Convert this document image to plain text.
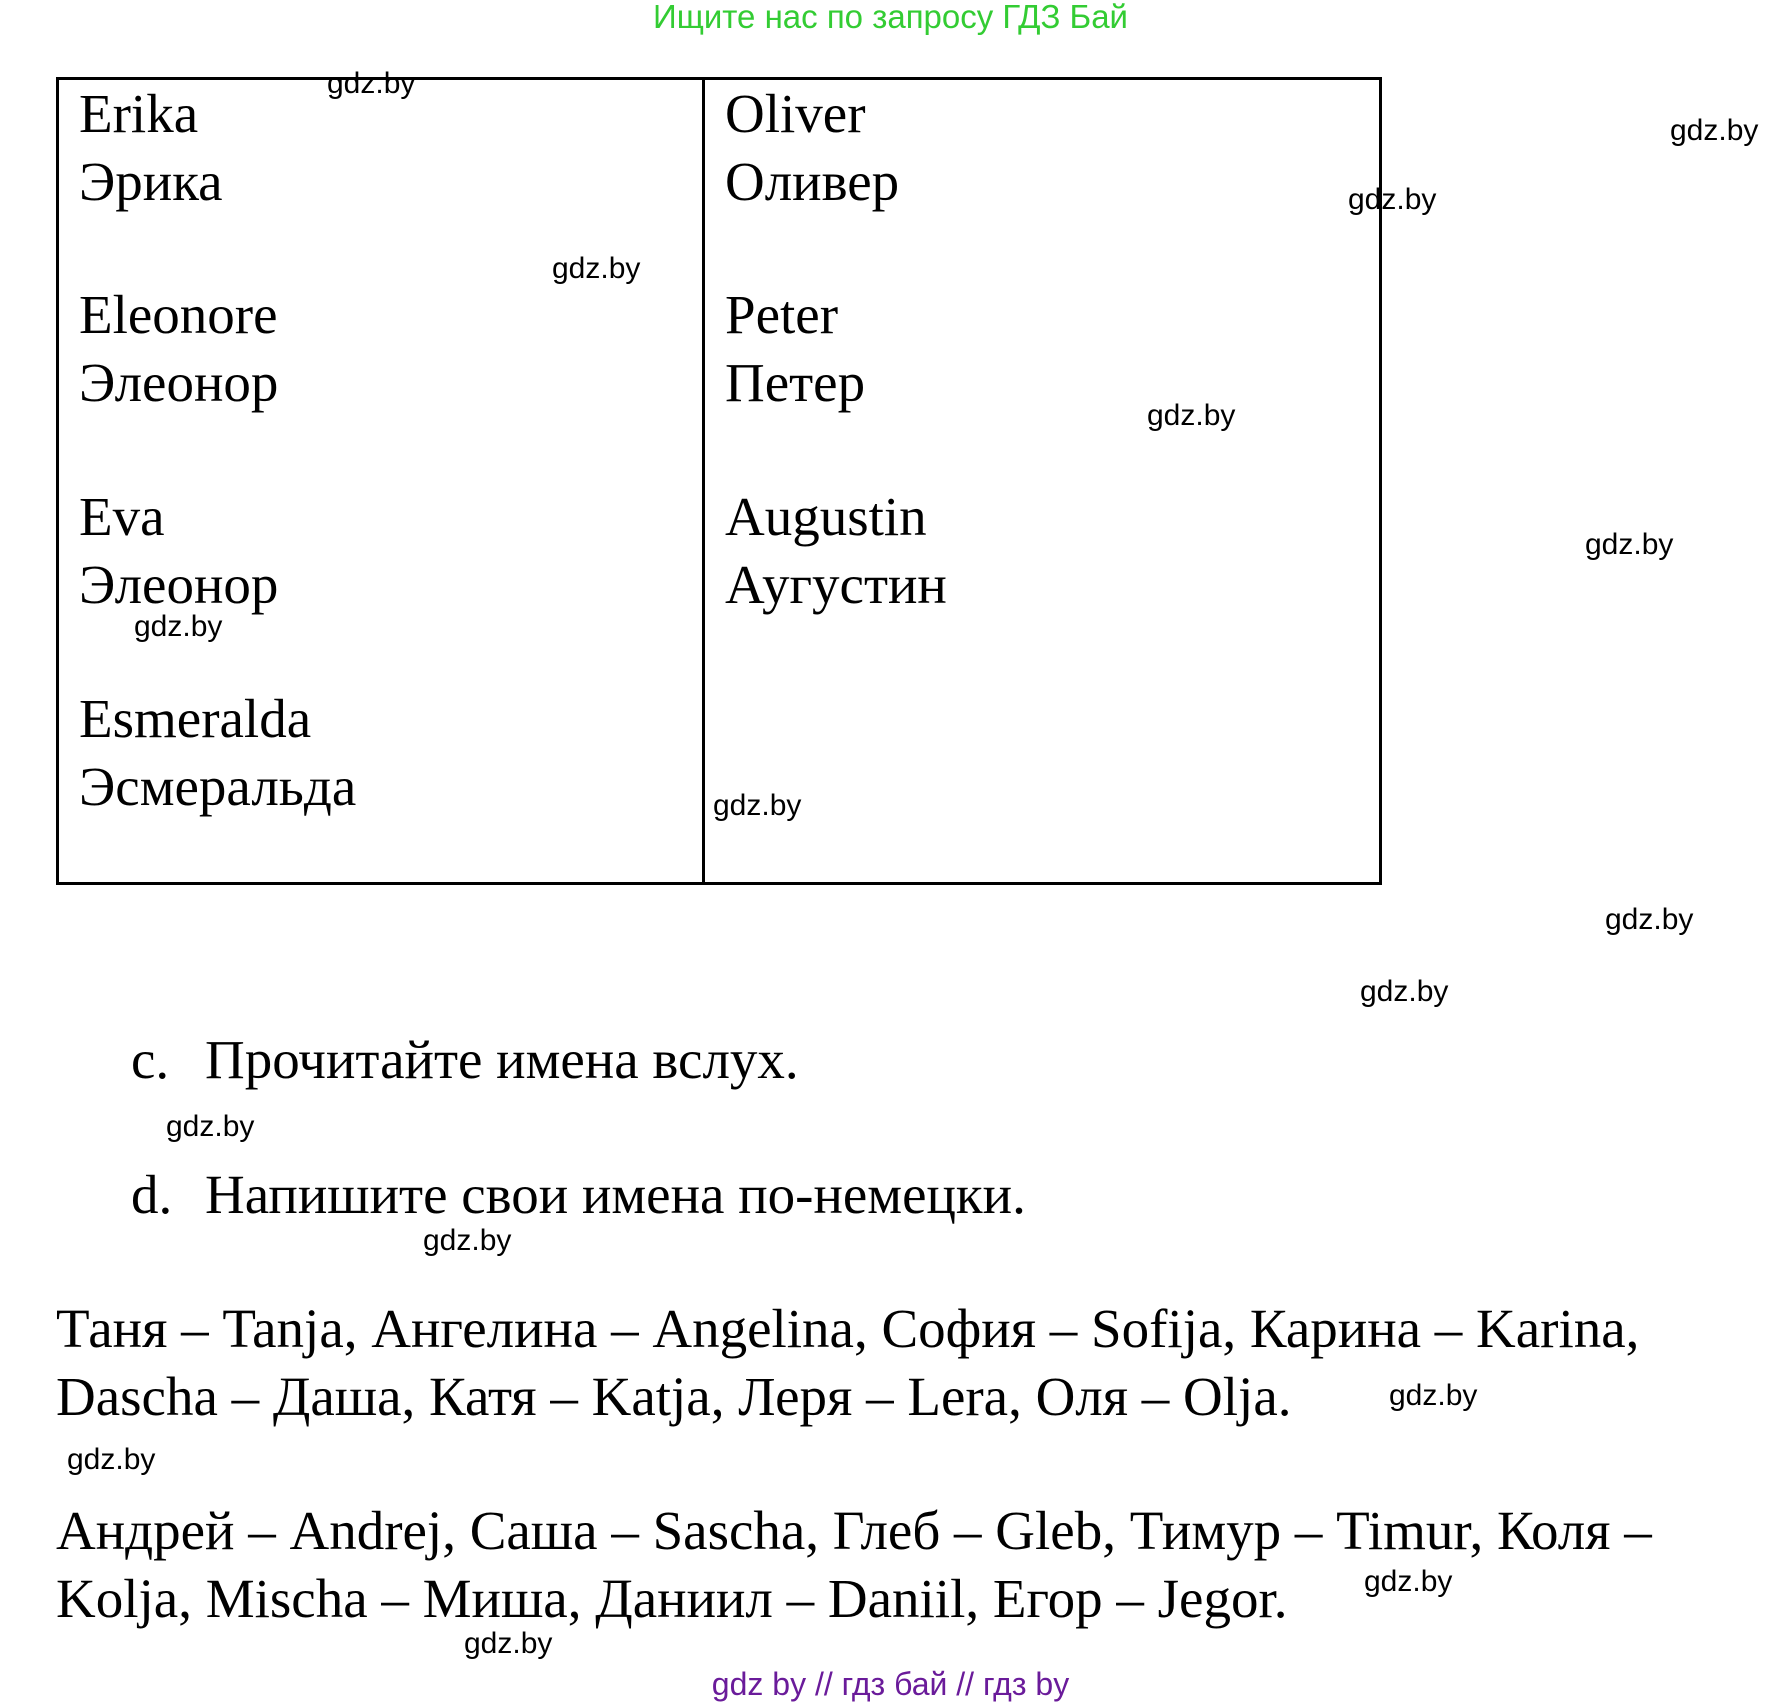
Ищите нас по запросу ГДЗ Бай
Erika
Эрика
Eleonore
Элеонор
Eva
Элеонор
Esmeralda
Эсмеральда
Oliver
Оливер
Peter
Петер
Augustin
Аугустин
c. Прочитайте имена вслух.
d. Напишите свои имена по-немецки.
Таня – Tanja, Ангелина – Angelina, София – Sofija, Карина – Karina,
Dascha – Даша, Катя – Katja, Леря – Lera, Оля – Olja.
Андрей – Andrej, Саша – Sascha, Глеб – Gleb, Тимур – Timur, Коля –
Kolja, Mischa – Миша, Даниил – Daniil, Егор – Jegor.
gdz.by
gdz.by
gdz.by
gdz.by
gdz.by
gdz.by
gdz.by
gdz.by
gdz.by
gdz.by
gdz.by
gdz.by
gdz.by
gdz.by
gdz.by
gdz.by
gdz by // гдз бай // гдз by
